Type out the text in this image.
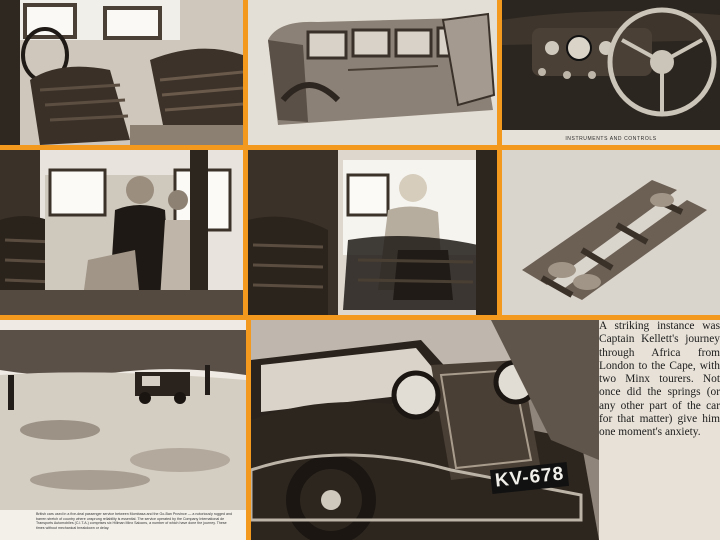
INSTRUMENTS AND CONTROLS
British cars used in a five-deal passenger service between Mombasa and the Go-Ban Province — a notoriously rugged and barren stretch of country where unsprung reliability is essential. The service operated by the Company International de Transports Automobiles (C.I.T.A.) comprises six Hillman Minx Saloons, a number of which have done the journey. These times without mechanical breakdown or delay.
KV-678

A striking instance was Captain Kellett's journey through Africa from London to the Cape, with two Minx tourers. Not once did the springs (or any other part of the car for that matter) give him one moment's anxiety.
